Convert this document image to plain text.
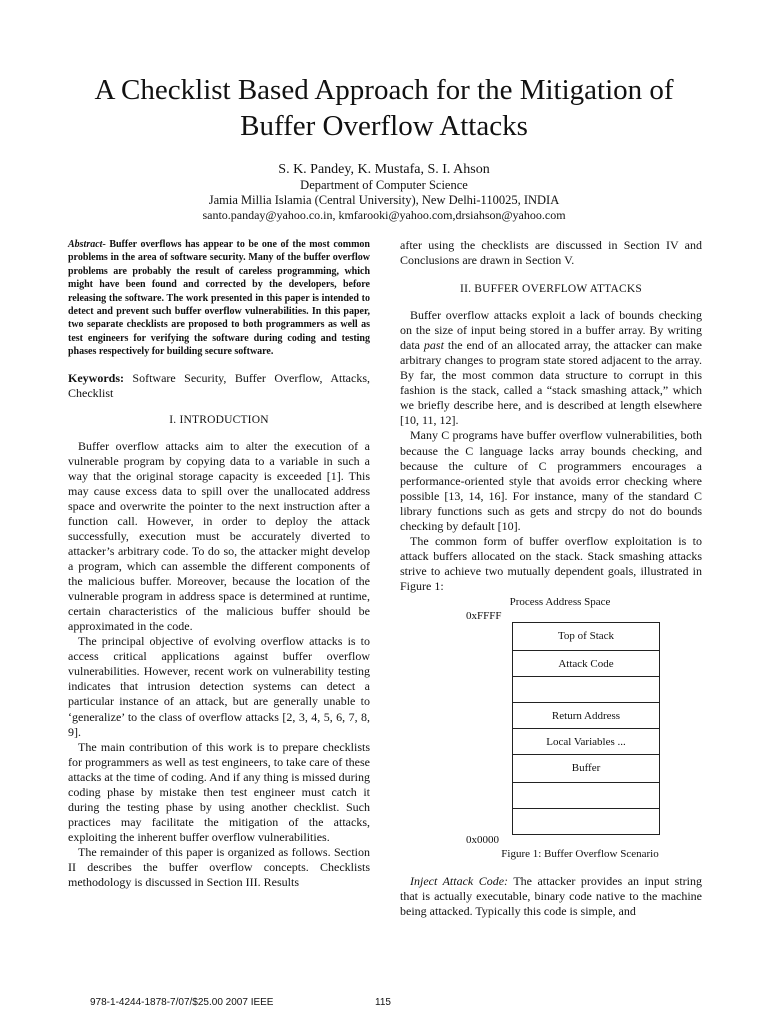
A Checklist Based Approach for the Mitigation of
Buffer Overflow Attacks
S. K. Pandey, K. Mustafa, S. I. Ahson
Department of Computer Science
Jamia Millia Islamia (Central University), New Delhi-110025, INDIA
santo.panday@yahoo.co.in, kmfarooki@yahoo.com,drsiahson@yahoo.com

Abstract- Buffer overflows has appear to be one of the most common problems in the area of software security. Many of the buffer overflow problems are probably the result of careless programming, which might have been found and corrected by the developers, before releasing the software. The work presented in this paper is intended to detect and prevent such buffer overflow vulnerabilities. In this paper, two separate checklists are proposed to both programmers as well as test engineers for verifying the software during coding and testing phases respectively for building secure software.

Keywords: Software Security, Buffer Overflow, Attacks, Checklist

I. INTRODUCTION

Buffer overflow attacks aim to alter the execution of a vulnerable program by copying data to a variable in such a way that the original storage capacity is exceeded [1]. This may cause excess data to spill over the unallocated address space and overwrite the pointer to the next instruction after a function call. However, in order to deploy the attack successfully, execution must be accurately diverted to attacker’s arbitrary code. To do so, the attacker might develop a program, which can assemble the different components of the malicious buffer. Moreover, because the location of the vulnerable program in address space is determined at runtime, certain characteristics of the malicious buffer should be approximated in the code.

The principal objective of evolving overflow attacks is to access critical applications against buffer overflow vulnerabilities. However, recent work on vulnerability testing indicates that intrusion detection systems can detect a particular instance of an attack, but are generally unable to ‘generalize’ to the class of overflow attacks [2, 3, 4, 5, 6, 7, 8, 9].

The main contribution of this work is to prepare checklists for programmers as well as test engineers, to take care of these attacks at the time of coding. And if any thing is missed during coding phase by mistake then test engineer must catch it during the testing phase by using another checklist. Such practices may facilitate the mitigation of the attacks, exploiting the inherent buffer overflow vulnerabilities.

The remainder of this paper is organized as follows. Section II describes the buffer overflow concepts. Checklists methodology is discussed in Section III. Results

after using the checklists are discussed in Section IV and Conclusions are drawn in Section V.

II. BUFFER OVERFLOW ATTACKS

Buffer overflow attacks exploit a lack of bounds checking on the size of input being stored in a buffer array. By writing data past the end of an allocated array, the attacker can make arbitrary changes to program state stored adjacent to the array. By far, the most common data structure to corrupt in this fashion is the stack, called a “stack smashing attack,” which we briefly describe here, and is described at length elsewhere [10, 11, 12].

Many C programs have buffer overflow vulnerabilities, both because the C language lacks array bounds checking, and because the culture of C programmers encourages a performance-oriented style that avoids error checking where possible [13, 14, 16]. For instance, many of the standard C library functions such as gets and strcpy do not do bounds checking by default [10].

The common form of buffer overflow exploitation is to attack buffers allocated on the stack. Stack smashing attacks strive to achieve two mutually dependent goals, illustrated in Figure 1:

Process Address Space
0xFFFF
Top of Stack
Attack Code
Return Address
Local Variables ...
Buffer
0x0000
Figure 1: Buffer Overflow Scenario

Inject Attack Code: The attacker provides an input string that is actually executable, binary code native to the machine being attacked. Typically this code is simple, and

978-1-4244-1878-7/07/$25.00 2007 IEEE	115
